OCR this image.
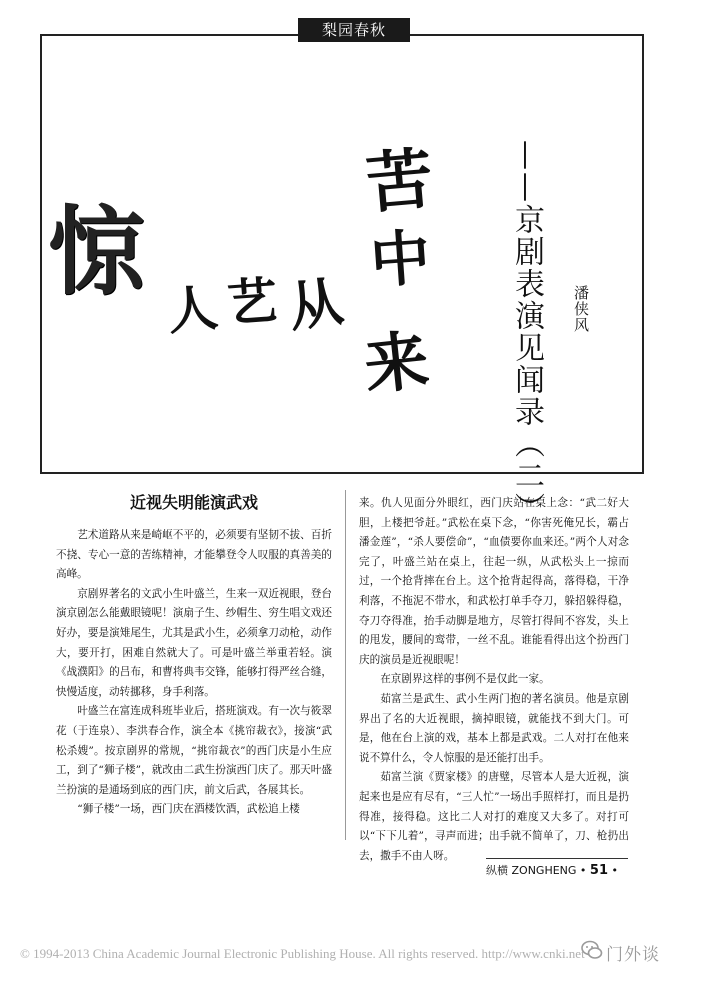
梨园春秋
惊
人 艺 从
苦
中
来	——京剧表演见闻录（二） 潘侠风
近视失明能演武戏

艺术道路从来是崎岖不平的，必须要有坚韧不拔、百折不挠、专心一意的苦练精神，才能攀登令人叹服的真善美的高峰。

京剧界著名的文武小生叶盛兰，生来一双近视眼，登台演京剧怎么能戴眼镜呢！演扇子生、纱帽生、穷生唱文戏还好办，要是演雉尾生，尤其是武小生，必须拿刀动枪，动作大，要开打，困难自然就大了。可是叶盛兰举重若轻。演《战濮阳》的吕布，和曹将典韦交锋，能够打得严丝合缝，快慢适度，动转挪移，身手利落。

叶盛兰在富连成科班毕业后，搭班演戏。有一次与筱翠花（于连泉）、李洪春合作，演全本《挑帘裁衣》，接演“武松杀嫂”。按京剧界的常规，“挑帘裁衣”的西门庆是小生应工，到了“狮子楼”，就改由二武生扮演西门庆了。那天叶盛兰扮演的是通场到底的西门庆，前文后武，各展其长。

“狮子楼”一场，西门庆在酒楼饮酒，武松追上楼

来。仇人见面分外眼红，西门庆站在桌上念：“武二好大胆，上楼把爷赶。”武松在桌下念，“你害死俺兄长，霸占潘金莲”，“杀人要偿命”，“血债要你血来还。”两个人对念完了，叶盛兰站在桌上，往起一纵，从武松头上一掠而过，一个抢背摔在台上。这个抢背起得高，落得稳，干净利落，不拖泥不带水，和武松打单手夺刀，躲招躲得稳，夺刀夺得准，抬手动脚是地方，尽管打得间不容发，头上的甩发，腰间的鸾带，一丝不乱。谁能看得出这个扮西门庆的演员是近视眼呢！

在京剧界这样的事例不是仅此一家。

茹富兰是武生、武小生两门抱的著名演员。他是京剧界出了名的大近视眼，摘掉眼镜，就能找不到大门。可是，他在台上演的戏，基本上都是武戏。二人对打在他来说不算什么，令人惊服的是还能打出手。

茹富兰演《贾家楼》的唐璧，尽管本人是大近视，演起来也是应有尽有，“三人忙”一场出手照样打，而且是扔得准，接得稳。这比二人对打的难度又大多了。对打可以“下下儿着”，寻声而进；出手就不简单了，刀、枪扔出去，撒手不由人呀。

纵横 ZONGHENG • 51 •
© 1994-2013 China Academic Journal Electronic Publishing House. All rights reserved. http://www.cnki.net 门外谈
